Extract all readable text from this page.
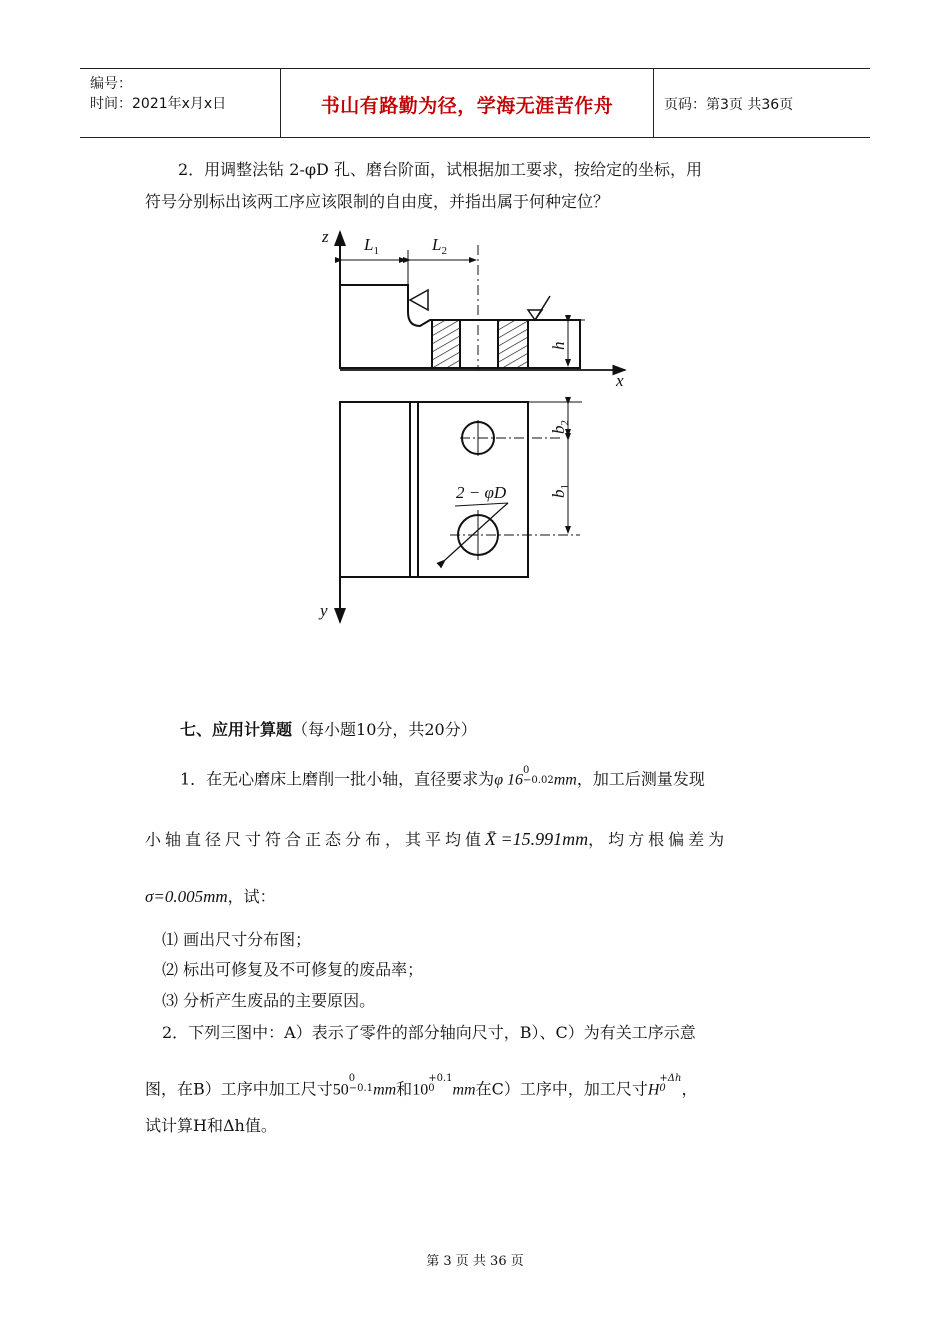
编号：
时间：2021年x月x日	书山有路勤为径，学海无涯苦作舟	页码：第3页 共36页
2．用调整法钻 2-φD 孔、磨台阶面，试根据加工要求，按给定的坐标，用
符号分别标出该两工序应该限制的自由度，并指出属于何种定位？
z
x
y
$L_1$	$L_2$
h
$b_2$
$b_1$
2 − φD
七、应用计算题（每小题10分，共20分）
1．在无心磨床上磨削一批小轴，直径要求为φ 16
0
−0.02 mm，加工后测量发现
小轴直径尺寸符合正态分布，其平均值X̄ =15.991mm，均方根偏差为
σ=0.005mm，试：
⑴ 画出尺寸分布图；
⑵ 标出可修复及不可修复的废品率；
⑶ 分析产生废品的主要原因。
2．下列三图中：A）表示了零件的部分轴向尺寸，B）、C）为有关工序示意
图，在B）工序中加工尺寸50
0
−0.1 mm和10
+0.1
0	mm在C）工序中，加工尺寸H
+Δh
0 ，
试计算H和Δh值。
第 3 页 共 36 页
